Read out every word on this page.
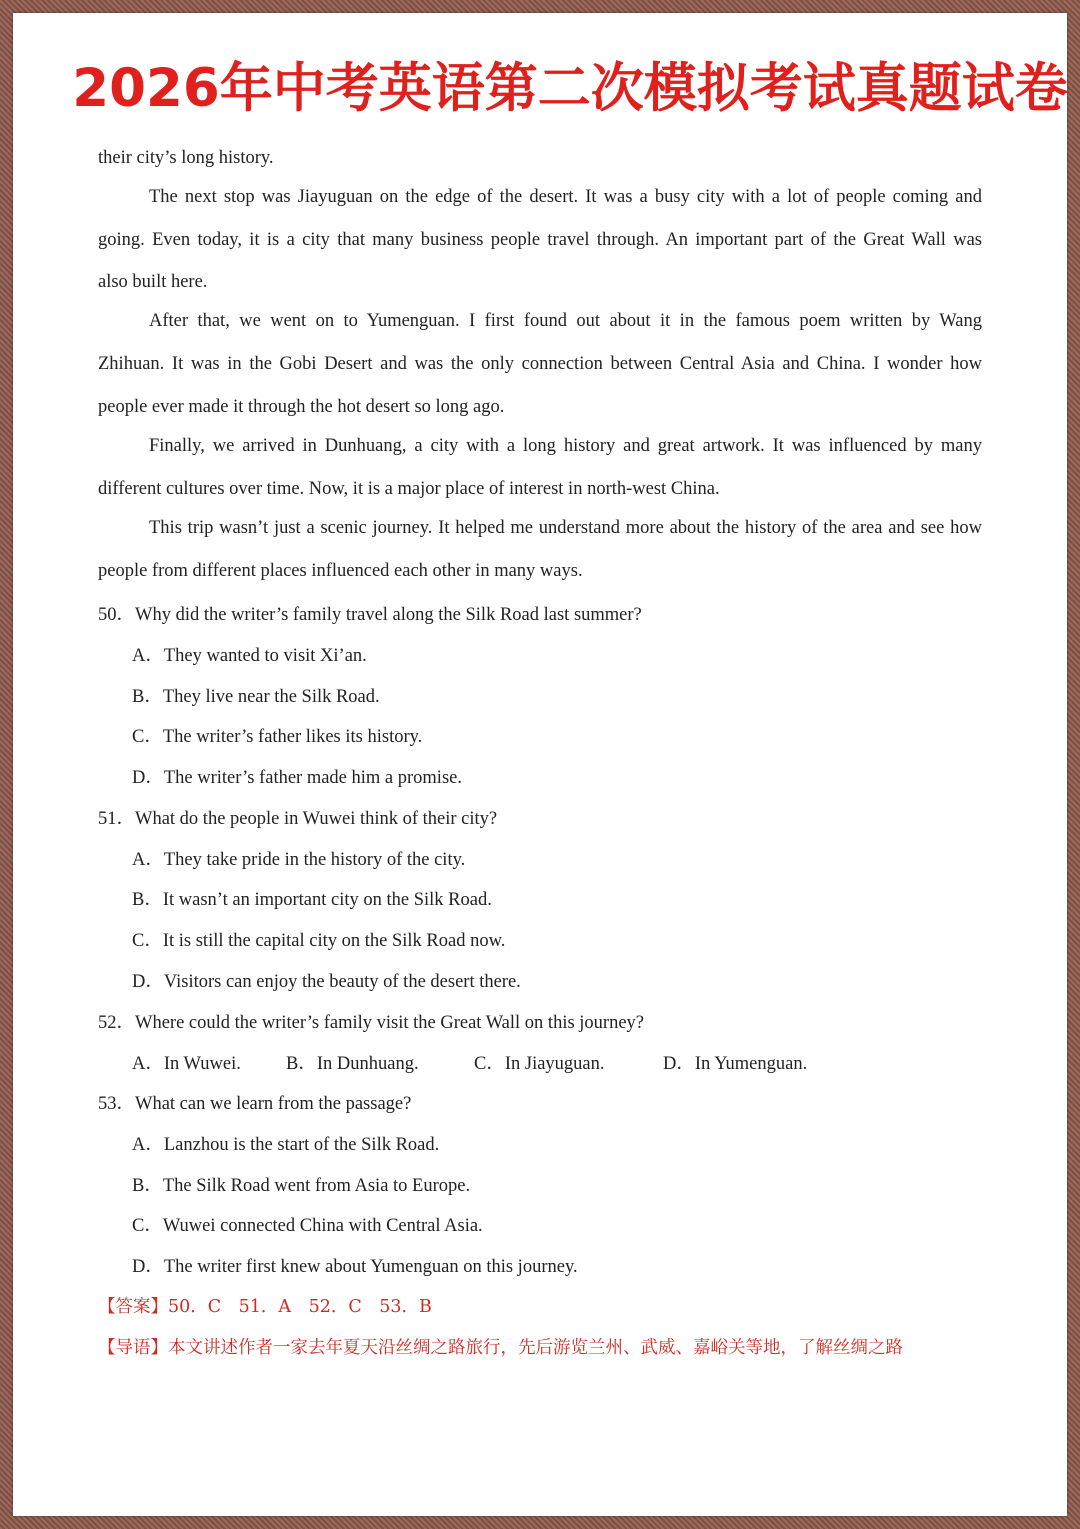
2026年中考英语第二次模拟考试真题试卷
their city’s long history.
The next stop was Jiayuguan on the edge of the desert. It was a busy city with a lot of people coming and
going. Even today, it is a city that many business people travel through. An important part of the Great Wall was
also built here.
After that, we went on to Yumenguan. I first found out about it in the famous poem written by Wang
Zhihuan. It was in the Gobi Desert and was the only connection between Central Asia and China. I wonder how
people ever made it through the hot desert so long ago.
Finally, we arrived in Dunhuang, a city with a long history and great artwork. It was influenced by many
different cultures over time. Now, it is a major place of interest in north-west China.
This trip wasn’t just a scenic journey. It helped me understand more about the history of the area and see how
people from different places influenced each other in many ways.
50．Why did the writer’s family travel along the Silk Road last summer?
A．They wanted to visit Xi’an.
B．They live near the Silk Road.
C．The writer’s father likes its history.
D．The writer’s father made him a promise.
51．What do the people in Wuwei think of their city?
A．They take pride in the history of the city.
B．It wasn’t an important city on the Silk Road.
C．It is still the capital city on the Silk Road now.
D．Visitors can enjoy the beauty of the desert there.
52．Where could the writer’s family visit the Great Wall on this journey?
A．In Wuwei. B．In Dunhuang.	C．In Jiayuguan.	D．In Yumenguan.
53．What can we learn from the passage?
A．Lanzhou is the start of the Silk Road.
B．The Silk Road went from Asia to Europe.
C．Wuwei connected China with Central Asia.
D．The writer first knew about Yumenguan on this journey.
【答案】50．C　51．A　52．C　53．B
【导语】本文讲述作者一家去年夏天沿丝绸之路旅行，先后游览兰州、武威、嘉峪关等地，了解丝绸之路
